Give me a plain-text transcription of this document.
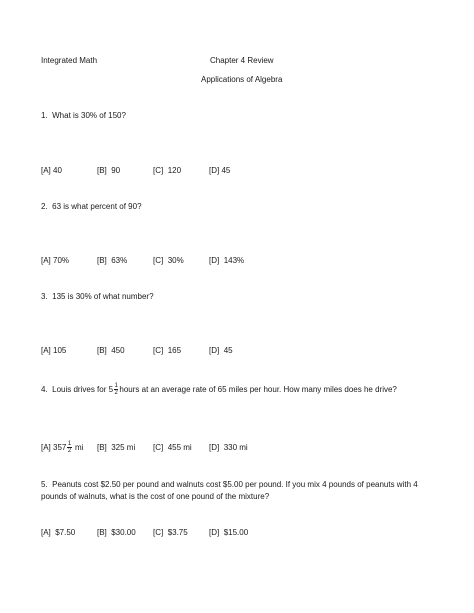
Integrated Math	Chapter 4 Review
Applications of Algebra
1. What is 30% of 150?
[A] 40	[B] 90	[C] 120	[D] 45
2. 63 is what percent of 90?
[A] 70%	[B] 63%	[C] 30%	[D] 143%
3. 135 is 30% of what number?
[A] 105	[B] 450	[C] 165	[D] 45
4. Louis drives for $5 \frac{1}{2}$ hours at an average rate of 65 miles per hour. How many miles does he drive?
[A] $357 \frac{1}{2}$ mi [B] 325 mi [C] 455 mi [D] 330 mi
5. Peanuts cost $2.50 per pound and walnuts cost $5.00 per pound. If you mix 4 pounds of peanuts with 4
pounds of walnuts, what is the cost of one pound of the mixture?
[A] $7.50	[B] $30.00 [C] $3.75	[D] $15.00
